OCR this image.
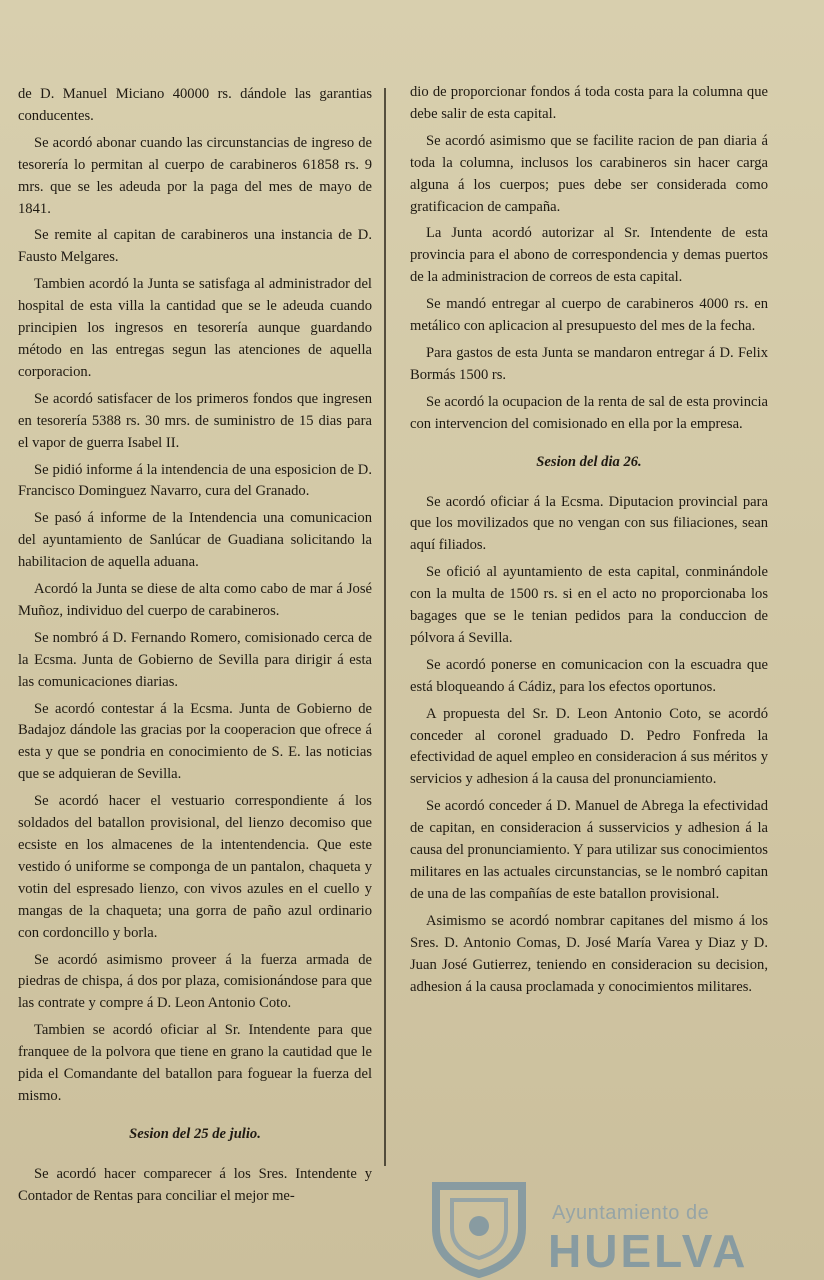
de D. Manuel Miciano 40000 rs. dándole las garantias conducentes.

Se acordó abonar cuando las circunstancias de ingreso de tesorería lo permitan al cuerpo de carabineros 61858 rs. 9 mrs. que se les adeuda por la paga del mes de mayo de 1841.

Se remite al capitan de carabineros una instancia de D. Fausto Melgares.

Tambien acordó la Junta se satisfaga al administrador del hospital de esta villa la cantidad que se le adeuda cuando principien los ingresos en tesorería aunque guardando método en las entregas segun las atenciones de aquella corporacion.

Se acordó satisfacer de los primeros fondos que ingresen en tesorería 5388 rs. 30 mrs. de suministro de 15 dias para el vapor de guerra Isabel II.

Se pidió informe á la intendencia de una esposicion de D. Francisco Dominguez Navarro, cura del Granado.

Se pasó á informe de la Intendencia una comunicacion del ayuntamiento de Sanlúcar de Guadiana solicitando la habilitacion de aquella aduana.

Acordó la Junta se diese de alta como cabo de mar á José Muñoz, individuo del cuerpo de carabineros.

Se nombró á D. Fernando Romero, comisionado cerca de la Ecsma. Junta de Gobierno de Sevilla para dirigir á esta las comunicaciones diarias.

Se acordó contestar á la Ecsma. Junta de Gobierno de Badajoz dándole las gracias por la cooperacion que ofrece á esta y que se pondria en conocimiento de S. E. las noticias que se adquieran de Sevilla.

Se acordó hacer el vestuario correspondiente á los soldados del batallon provisional, del lienzo decomiso que ecsiste en los almacenes de la intentendencia. Que este vestido ó uniforme se componga de un pantalon, chaqueta y votin del espresado lienzo, con vivos azules en el cuello y mangas de la chaqueta; una gorra de paño azul ordinario con cordoncillo y borla.

Se acordó asimismo proveer á la fuerza armada de piedras de chispa, á dos por plaza, comisionándose para que las contrate y compre á D. Leon Antonio Coto.

Tambien se acordó oficiar al Sr. Intendente para que franquee de la polvora que tiene en grano la cautidad que le pida el Comandante del batallon para foguear la fuerza del mismo.

Sesion del 25 de julio.

Se acordó hacer comparecer á los Sres. Intendente y Contador de Rentas para conciliar el mejor me-

dio de proporcionar fondos á toda costa para la columna que debe salir de esta capital.

Se acordó asimismo que se facilite racion de pan diaria á toda la columna, inclusos los carabineros sin hacer carga alguna á los cuerpos; pues debe ser considerada como gratificacion de campaña.

La Junta acordó autorizar al Sr. Intendente de esta provincia para el abono de correspondencia y demas puertos de la administracion de correos de esta capital.

Se mandó entregar al cuerpo de carabineros 4000 rs. en metálico con aplicacion al presupuesto del mes de la fecha.

Para gastos de esta Junta se mandaron entregar á D. Felix Bormás 1500 rs.

Se acordó la ocupacion de la renta de sal de esta provincia con intervencion del comisionado en ella por la empresa.

Sesion del dia 26.

Se acordó oficiar á la Ecsma. Diputacion provincial para que los movilizados que no vengan con sus filiaciones, sean aquí filiados.

Se ofició al ayuntamiento de esta capital, conminándole con la multa de 1500 rs. si en el acto no proporcionaba los bagages que se le tenian pedidos para la conduccion de pólvora á Sevilla.

Se acordó ponerse en comunicacion con la escuadra que está bloqueando á Cádiz, para los efectos oportunos.

A propuesta del Sr. D. Leon Antonio Coto, se acordó conceder al coronel graduado D. Pedro Fonfreda la efectividad de aquel empleo en consideracion á sus méritos y servicios y adhesion á la causa del pronunciamiento.

Se acordó conceder á D. Manuel de Abrega la efectividad de capitan, en consideracion á susservicios y adhesion á la causa del pronunciamiento. Y para utilizar sus conocimientos militares en las actuales circunstancias, se le nombró capitan de una de las compañías de este batallon provisional.

Asimismo se acordó nombrar capitanes del mismo á los Sres. D. Antonio Comas, D. José María Varea y Diaz y D. Juan José Gutierrez, teniendo en consideracion su decision, adhesion á la causa proclamada y conocimientos militares.

Ayuntamiento de
HUELVA
